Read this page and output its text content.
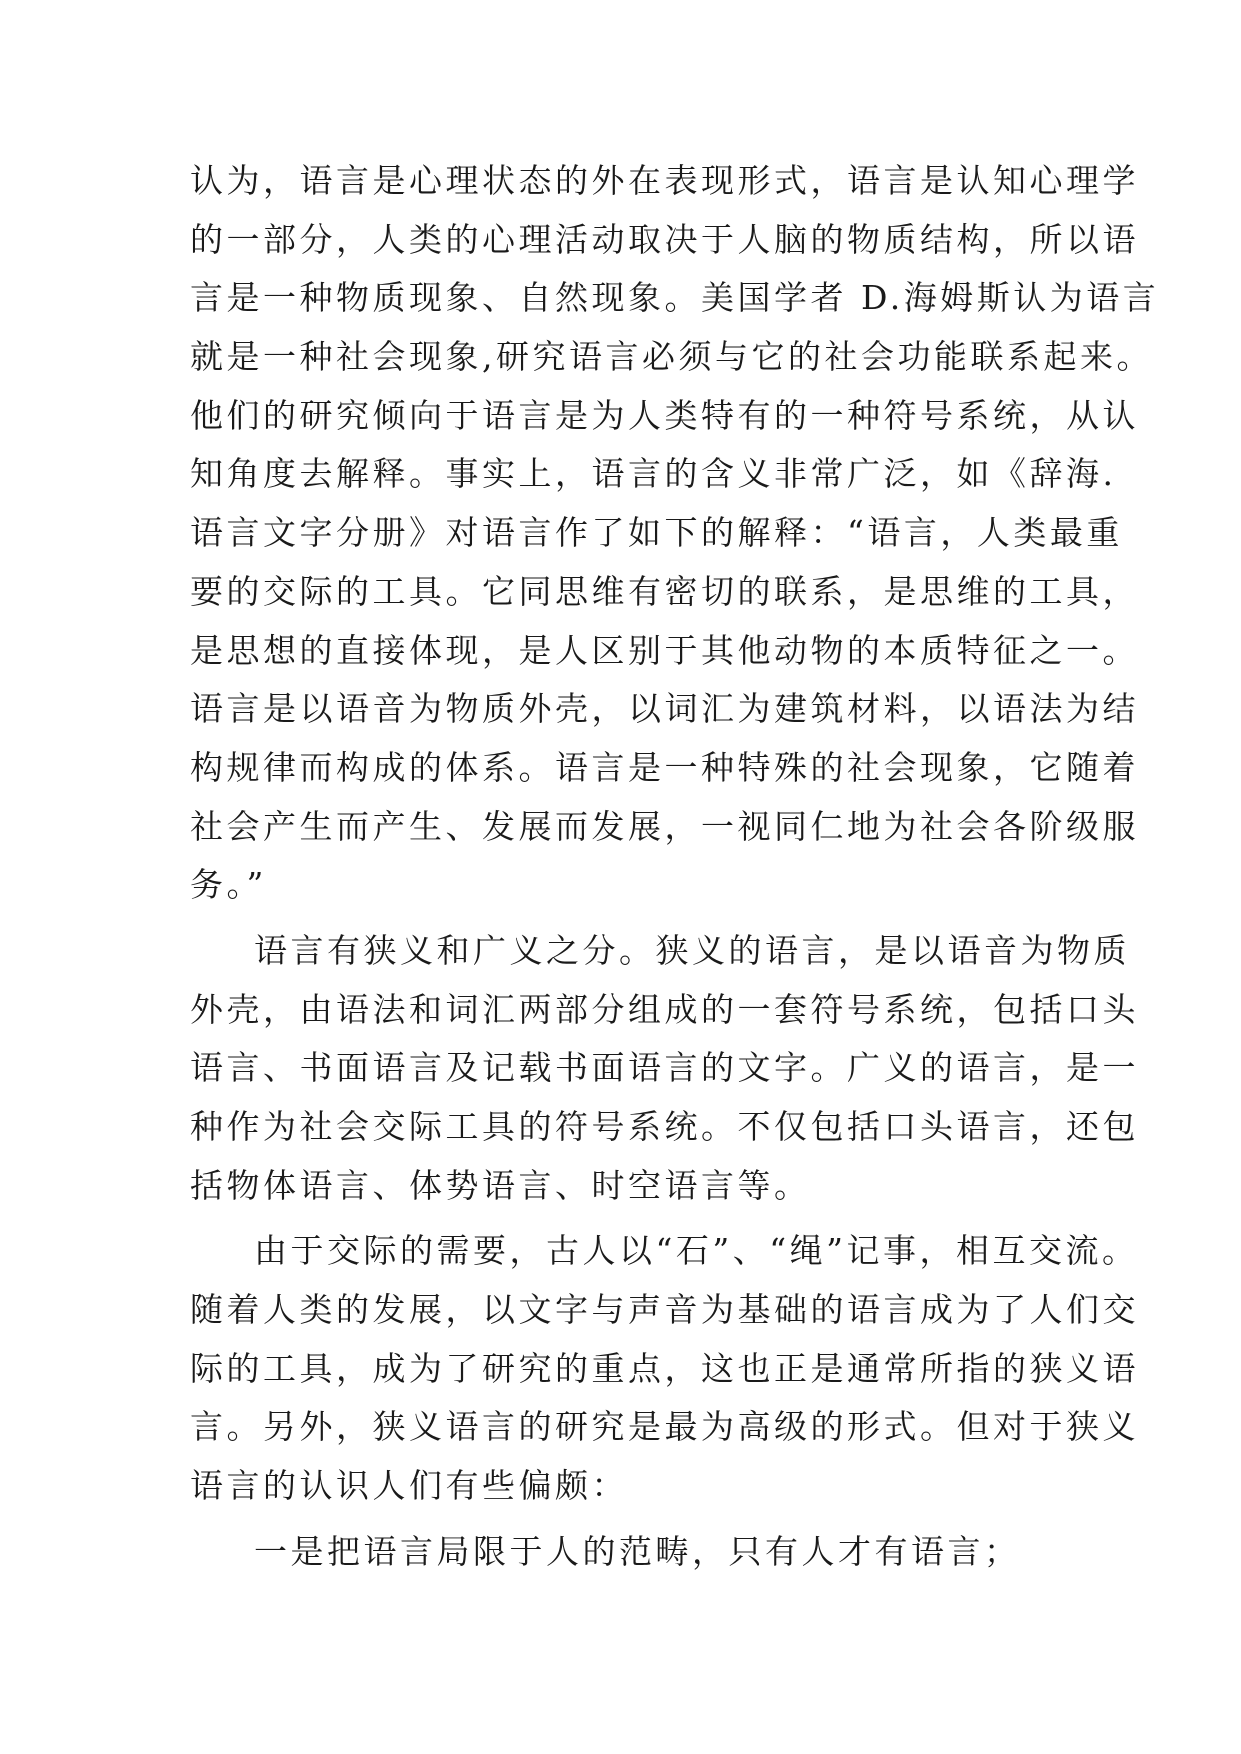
认为，语言是心理状态的外在表现形式，语言是认知心理学
的一部分，人类的心理活动取决于人脑的物质结构，所以语
言是一种物质现象、自然现象。美国学者 D.海姆斯认为语言
就是一种社会现象,研究语言必须与它的社会功能联系起来。
他们的研究倾向于语言是为人类特有的一种符号系统，从认
知角度去解释。事实上，语言的含义非常广泛，如《辞海.
语言文字分册》对语言作了如下的解释：“语言，人类最重
要的交际的工具。它同思维有密切的联系，是思维的工具，
是思想的直接体现，是人区别于其他动物的本质特征之一。
语言是以语音为物质外壳，以词汇为建筑材料，以语法为结
构规律而构成的体系。语言是一种特殊的社会现象，它随着
社会产生而产生、发展而发展，一视同仁地为社会各阶级服
务。”
语言有狭义和广义之分。狭义的语言，是以语音为物质
外壳，由语法和词汇两部分组成的一套符号系统，包括口头
语言、书面语言及记载书面语言的文字。广义的语言，是一
种作为社会交际工具的符号系统。不仅包括口头语言，还包
括物体语言、体势语言、时空语言等。
由于交际的需要，古人以“石”、“绳”记事，相互交流。
随着人类的发展，以文字与声音为基础的语言成为了人们交
际的工具，成为了研究的重点，这也正是通常所指的狭义语
言。另外，狭义语言的研究是最为高级的形式。但对于狭义
语言的认识人们有些偏颇：
一是把语言局限于人的范畴，只有人才有语言；
